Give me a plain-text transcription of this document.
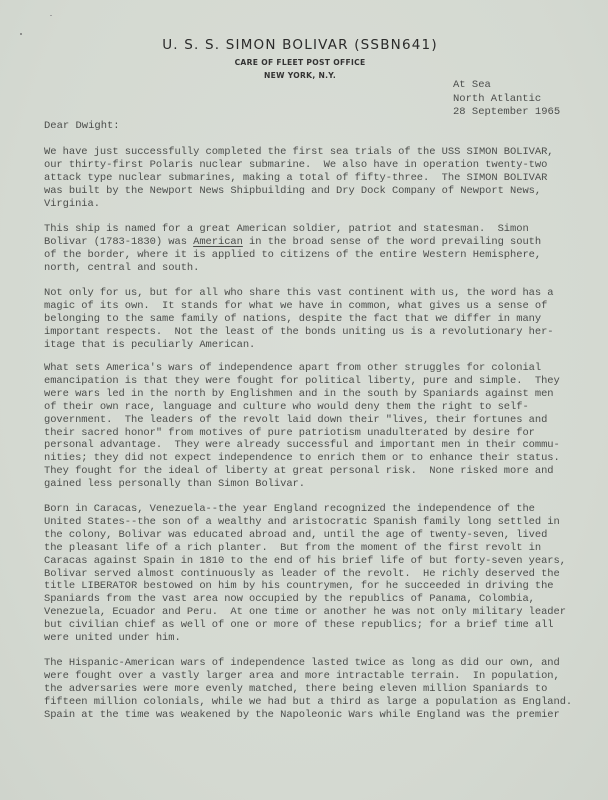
U. S. S. SIMON BOLIVAR (SSBN641)
CARE OF FLEET POST OFFICE
NEW YORK, N.Y.
At Sea
North Atlantic
28 September 1965
Dear Dwight:
We have just successfully completed the first sea trials of the USS SIMON BOLIVAR,
our thirty-first Polaris nuclear submarine.  We also have in operation twenty-two
attack type nuclear submarines, making a total of fifty-three.  The SIMON BOLIVAR
was built by the Newport News Shipbuilding and Dry Dock Company of Newport News,
Virginia.
This ship is named for a great American soldier, patriot and statesman.  Simon
Bolivar (1783-1830) was American in the broad sense of the word prevailing south
of the border, where it is applied to citizens of the entire Western Hemisphere,
north, central and south.
Not only for us, but for all who share this vast continent with us, the word has a
magic of its own.  It stands for what we have in common, what gives us a sense of
belonging to the same family of nations, despite the fact that we differ in many
important respects.  Not the least of the bonds uniting us is a revolutionary her-
itage that is peculiarly American.
What sets America's wars of independence apart from other struggles for colonial
emancipation is that they were fought for political liberty, pure and simple.  They
were wars led in the north by Englishmen and in the south by Spaniards against men
of their own race, language and culture who would deny them the right to self-
government.  The leaders of the revolt laid down their "lives, their fortunes and
their sacred honor" from motives of pure patriotism unadulterated by desire for
personal advantage.  They were already successful and important men in their commu-
nities; they did not expect independence to enrich them or to enhance their status.
They fought for the ideal of liberty at great personal risk.  None risked more and
gained less personally than Simon Bolivar.
Born in Caracas, Venezuela--the year England recognized the independence of the
United States--the son of a wealthy and aristocratic Spanish family long settled in
the colony, Bolivar was educated abroad and, until the age of twenty-seven, lived
the pleasant life of a rich planter.  But from the moment of the first revolt in
Caracas against Spain in 1810 to the end of his brief life of but forty-seven years,
Bolivar served almost continuously as leader of the revolt.  He richly deserved the
title LIBERATOR bestowed on him by his countrymen, for he succeeded in driving the
Spaniards from the vast area now occupied by the republics of Panama, Colombia,
Venezuela, Ecuador and Peru.  At one time or another he was not only military leader
but civilian chief as well of one or more of these republics; for a brief time all
were united under him.
The Hispanic-American wars of independence lasted twice as long as did our own, and
were fought over a vastly larger area and more intractable terrain.  In population,
the adversaries were more evenly matched, there being eleven million Spaniards to
fifteen million colonials, while we had but a third as large a population as England.
Spain at the time was weakened by the Napoleonic Wars while England was the premier
